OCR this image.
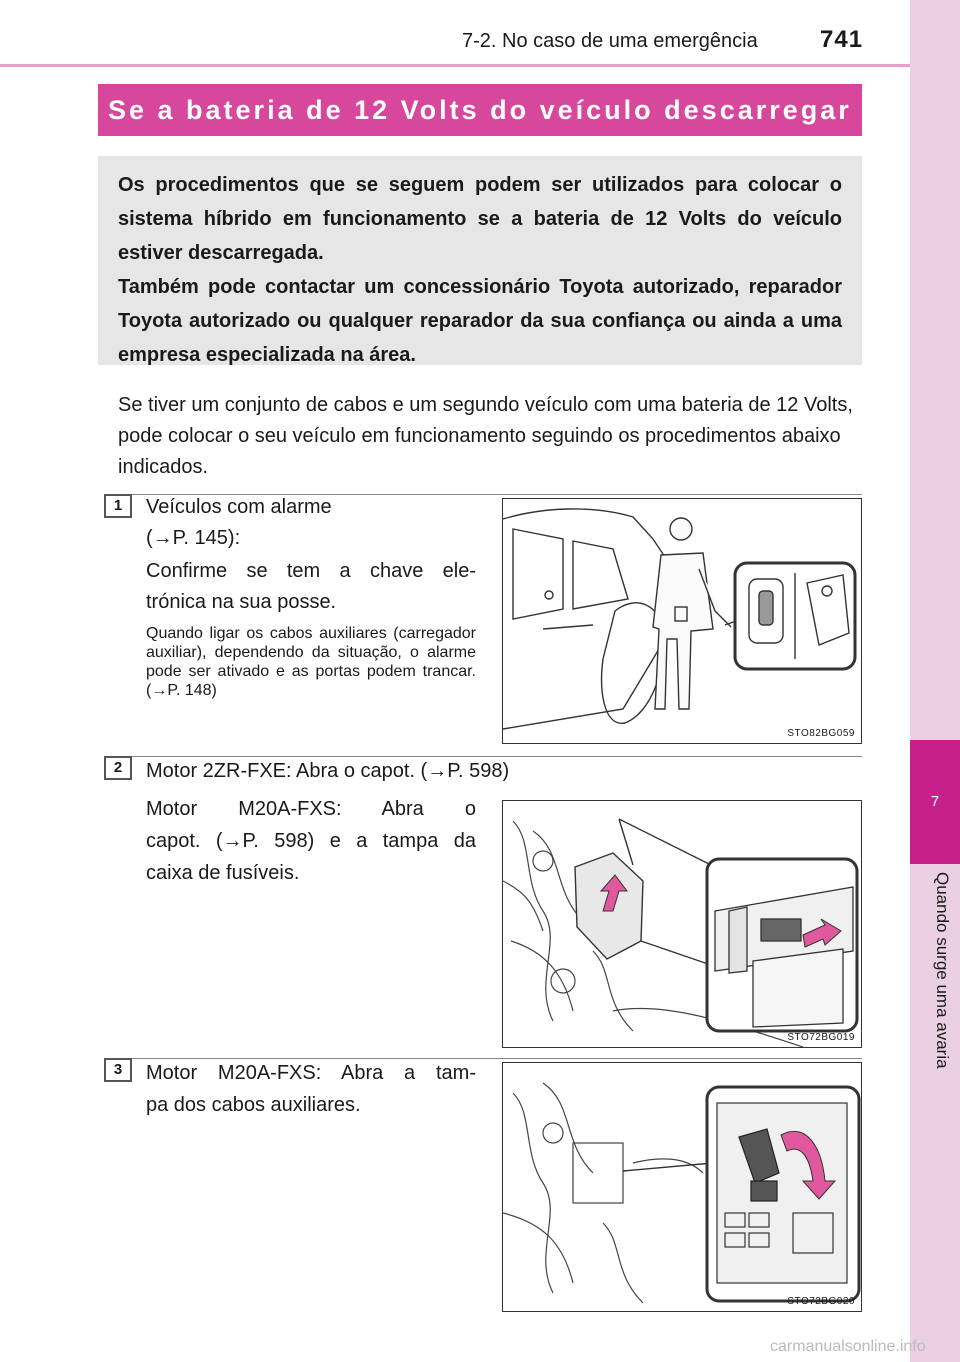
7-2. No caso de uma emergência	741
7
Quando surge uma avaria
Se a bateria de 12 Volts do veículo descarregar

Os procedimentos que se seguem podem ser utilizados para colocar o sistema híbrido em funcionamento se a bateria de 12 Volts do veículo estiver descarregada.

Também pode contactar um concessionário Toyota autorizado, reparador Toyota autorizado ou qualquer reparador da sua confiança ou ainda a uma empresa especializada na área.

Se tiver um conjunto de cabos e um segundo veículo com uma bateria de 12 Volts, pode colocar o seu veículo em funcionamento seguindo os procedimentos abaixo indicados.
1	Veículos com alarme
(→P. 145):
Confirme se tem a chave ele-
trónica na sua posse.
Quando ligar os cabos auxiliares (carregador auxiliar), dependendo da situação, o alarme pode ser ativado e as portas podem trancar. (→P. 148)
STO82BG059
2	Motor 2ZR-FXE: Abra o capot. (→P. 598)
Motor M20A-FXS: Abra o
capot. (→P. 598) e a tampa da
caixa de fusíveis.
STO72BG019
3	Motor M20A-FXS: Abra a tam-
pa dos cabos auxiliares.
STO72BG020
carmanualsonline.info
